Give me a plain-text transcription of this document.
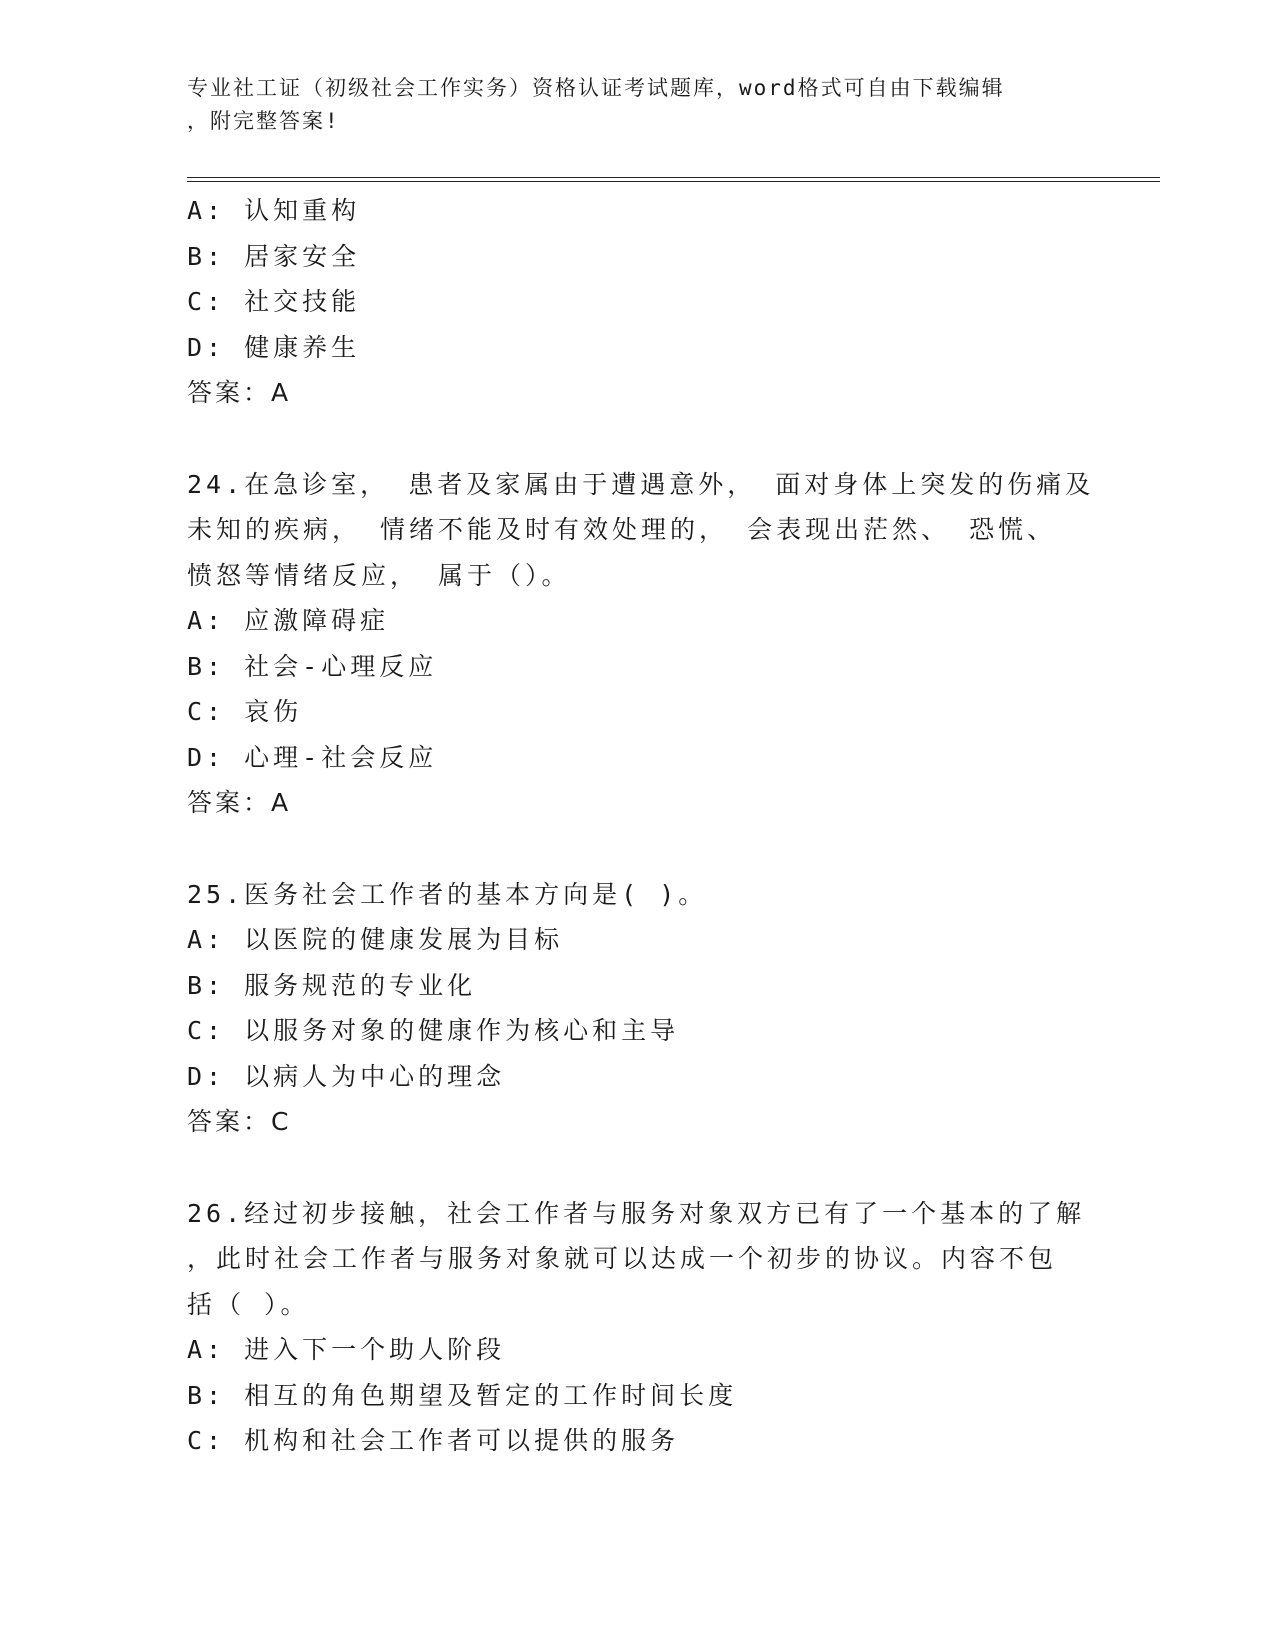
专业社工证（初级社会工作实务）资格认证考试题库，word格式可自由下载编辑
，附完整答案!
A: 认知重构
B: 居家安全
C: 社交技能
D: 健康养生
答案：A
24.在急诊室， 患者及家属由于遭遇意外， 面对身体上突发的伤痛及
未知的疾病， 情绪不能及时有效处理的， 会表现出茫然、 恐慌、
愤怒等情绪反应， 属于（）。
A: 应激障碍症
B: 社会-心理反应
C: 哀伤
D: 心理-社会反应
答案：A
25.医务社会工作者的基本方向是( )。
A: 以医院的健康发展为目标
B: 服务规范的专业化
C: 以服务对象的健康作为核心和主导
D: 以病人为中心的理念
答案：C
26.经过初步接触，社会工作者与服务对象双方已有了一个基本的了解
，此时社会工作者与服务对象就可以达成一个初步的协议。内容不包
括（ ）。
A: 进入下一个助人阶段
B: 相互的角色期望及暂定的工作时间长度
C: 机构和社会工作者可以提供的服务
